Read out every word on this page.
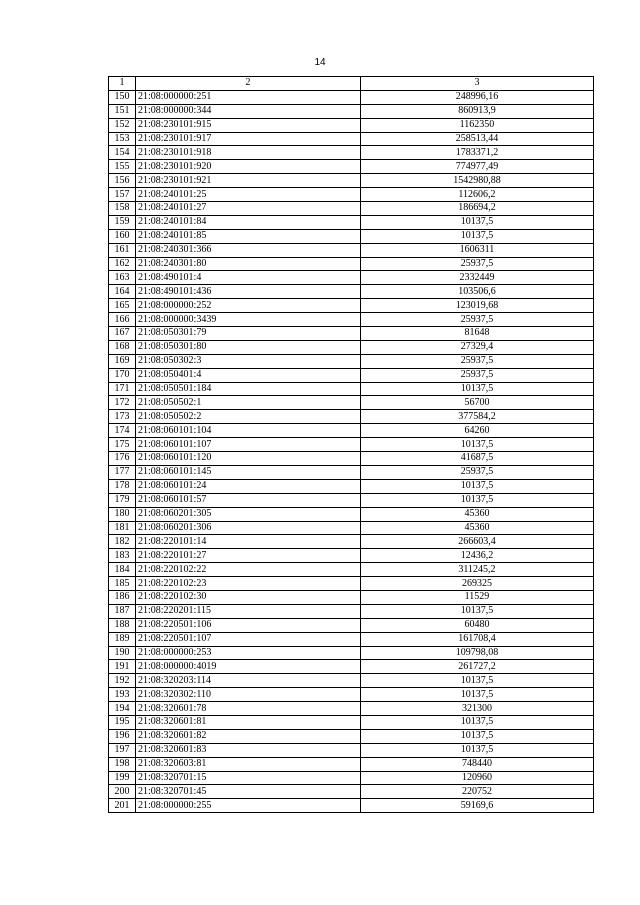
14
1	2	3
150	21:08:000000:251	248996,16
151	21:08:000000:344	860913,9
152	21:08:230101:915	1162350
153	21:08:230101:917	258513,44
154	21:08:230101:918	1783371,2
155	21:08:230101:920	774977,49
156	21:08:230101:921	1542980,88
157	21:08:240101:25	112606,2
158	21:08:240101:27	186694,2
159	21:08:240101:84	10137,5
160	21:08:240101:85	10137,5
161	21:08:240301:366	1606311
162	21:08:240301:80	25937,5
163	21:08:490101:4	2332449
164	21:08:490101:436	103506,6
165	21:08:000000:252	123019,68
166	21:08:000000:3439	25937,5
167	21:08:050301:79	81648
168	21:08:050301:80	27329,4
169	21:08:050302:3	25937,5
170	21:08:050401:4	25937,5
171	21:08:050501:184	10137,5
172	21:08:050502:1	56700
173	21:08:050502:2	377584,2
174	21:08:060101:104	64260
175	21:08:060101:107	10137,5
176	21:08:060101:120	41687,5
177	21:08:060101:145	25937,5
178	21:08:060101:24	10137,5
179	21:08:060101:57	10137,5
180	21:08:060201:305	45360
181	21:08:060201:306	45360
182	21:08:220101:14	266603,4
183	21:08:220101:27	12436,2
184	21:08:220102:22	311245,2
185	21:08:220102:23	269325
186	21:08:220102:30	11529
187	21:08:220201:115	10137,5
188	21:08:220501:106	60480
189	21:08:220501:107	161708,4
190	21:08:000000:253	109798,08
191	21:08:000000:4019	261727,2
192	21:08:320203:114	10137,5
193	21:08:320302:110	10137,5
194	21:08:320601:78	321300
195	21:08:320601:81	10137,5
196	21:08:320601:82	10137,5
197	21:08:320601:83	10137,5
198	21:08:320603:81	748440
199	21:08:320701:15	120960
200	21:08:320701:45	220752
201	21:08:000000:255	59169,6
